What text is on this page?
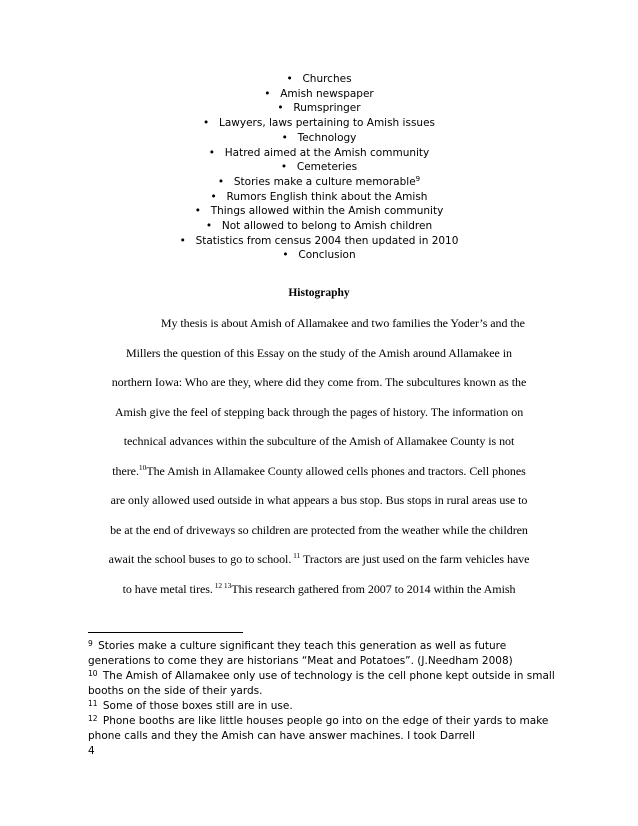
• Churches
• Amish newspaper
• Rumspringer
• Lawyers, laws pertaining to Amish issues
• Technology
• Hatred aimed at the Amish community
• Cemeteries
• Stories make a culture memorable$^9$
• Rumors English think about the Amish
• Things allowed within the Amish community
• Not allowed to belong to Amish children
• Statistics from census 2004 then updated in 2010
• Conclusion
Histography
    My thesis is about Amish of Allamakee and two families the Yoder’s and the
Millers the question of this Essay on the study of the Amish around Allamakee in
northern Iowa: Who are they, where did they come from. The subcultures known as the
Amish give the feel of stepping back through the pages of history. The information on
technical advances within the subculture of the Amish of Allamakee County is not
there.$^{10}$The Amish in Allamakee County allowed cells phones and tractors. Cell phones
are only allowed used outside in what appears a bus stop. Bus stops in rural areas use to
be at the end of driveways so children are protected from the weather while the children
await the school buses to go to school. $^{11}$ Tractors are just used on the farm vehicles have
to have metal tires. $^{12 13}$This research gathered from 2007 to 2014 within the Amish
$^9$ Stories make a culture significant they teach this generation as well as future generations to come they are historians “Meat and Potatoes”. (J.Needham 2008)
$^{10}$ The Amish of Allamakee only use of technology is the cell phone kept outside in small booths on the side of their yards.
$^{11}$ Some of those boxes still are in use.
$^{12}$ Phone booths are like little houses people go into on the edge of their yards to make phone calls and they the Amish can have answer machines. I took Darrell
4
